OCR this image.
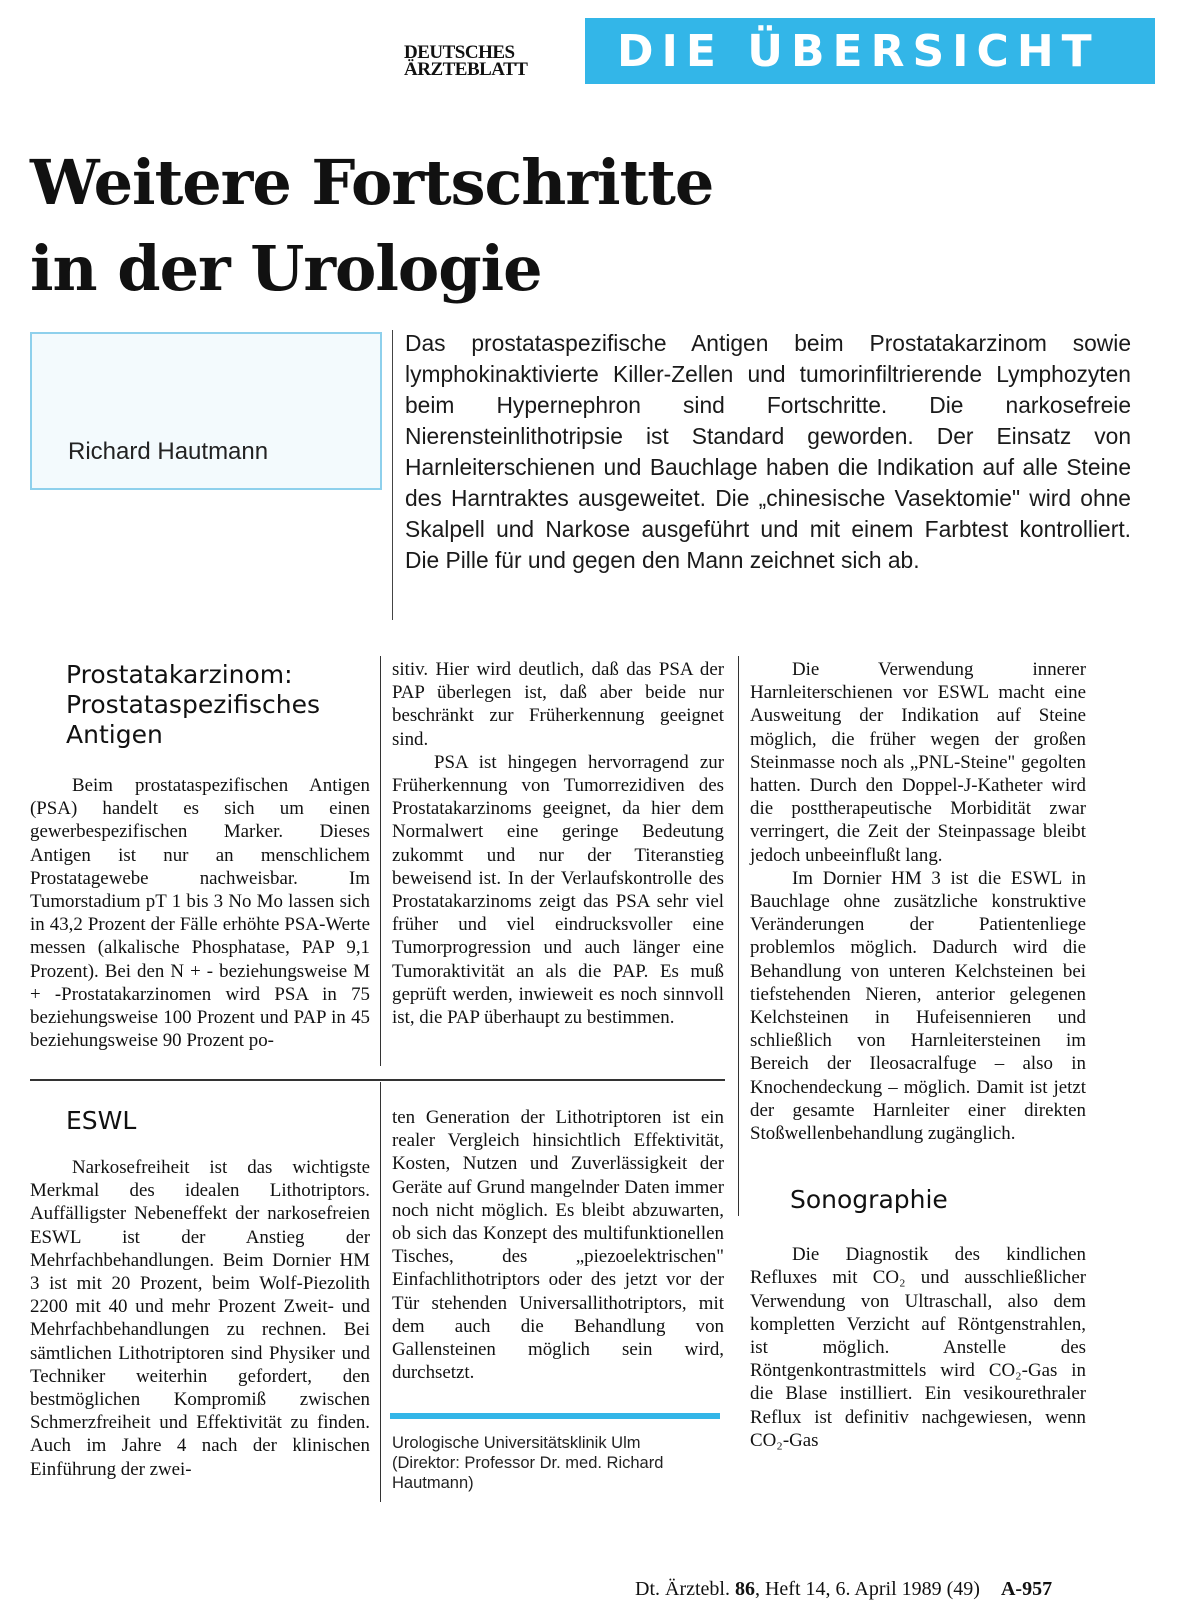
DEUTSCHES
ÄRZTEBLATT	DIE ÜBERSICHT
Weitere Fortschritte
in der Urologie
Richard Hautmann
Das prostataspezifische Antigen beim Prostatakarzinom sowie lymphokinaktivierte Killer-Zellen und tumorinfiltrierende Lymphozyten beim Hypernephron sind Fortschritte. Die narkosefreie Nierensteinlithotripsie ist Standard geworden. Der Einsatz von Harnleiterschienen und Bauchlage haben die Indikation auf alle Steine des Harntraktes ausgeweitet. Die „chinesische Vasektomie" wird ohne Skalpell und Narkose ausgeführt und mit einem Farbtest kontrolliert. Die Pille für und gegen den Mann zeichnet sich ab.
Prostatakarzinom: Prostataspezifisches Antigen

Beim prostataspezifischen Antigen (PSA) handelt es sich um einen gewerbespezifischen Marker. Dieses Antigen ist nur an menschlichem Prostatagewebe nachweisbar. Im Tumorstadium pT 1 bis 3 No Mo lassen sich in 43,2 Prozent der Fälle erhöhte PSA-Werte messen (alkalische Phosphatase, PAP 9,1 Prozent). Bei den N + - beziehungsweise M + -Prostatakarzinomen wird PSA in 75 beziehungsweise 100 Prozent und PAP in 45 beziehungsweise 90 Prozent po-

sitiv. Hier wird deutlich, daß das PSA der PAP überlegen ist, daß aber beide nur beschränkt zur Früherkennung geeignet sind.

PSA ist hingegen hervorragend zur Früherkennung von Tumorrezidiven des Prostatakarzinoms geeignet, da hier dem Normalwert eine geringe Bedeutung zukommt und nur der Titeranstieg beweisend ist. In der Verlaufskontrolle des Prostatakarzinoms zeigt das PSA sehr viel früher und viel eindrucksvoller eine Tumorprogression und auch länger eine Tumoraktivität an als die PAP. Es muß geprüft werden, inwieweit es noch sinnvoll ist, die PAP überhaupt zu bestimmen.

ESWL

Narkosefreiheit ist das wichtigste Merkmal des idealen Lithotriptors. Auffälligster Nebeneffekt der narkosefreien ESWL ist der Anstieg der Mehrfachbehandlungen. Beim Dornier HM 3 ist mit 20 Prozent, beim Wolf-Piezolith 2200 mit 40 und mehr Prozent Zweit- und Mehrfachbehandlungen zu rechnen. Bei sämtlichen Lithotriptoren sind Physiker und Techniker weiterhin gefordert, den bestmöglichen Kompromiß zwischen Schmerzfreiheit und Effektivität zu finden. Auch im Jahre 4 nach der klinischen Einführung der zwei-

ten Generation der Lithotriptoren ist ein realer Vergleich hinsichtlich Effektivität, Kosten, Nutzen und Zuverlässigkeit der Geräte auf Grund mangelnder Daten immer noch nicht möglich. Es bleibt abzuwarten, ob sich das Konzept des multifunktionellen Tisches, des „piezoelektrischen" Einfachlithotriptors oder des jetzt vor der Tür stehenden Universallithotriptors, mit dem auch die Behandlung von Gallensteinen möglich sein wird, durchsetzt.

Urologische Universitätsklinik Ulm
(Direktor: Professor Dr. med. Richard
Hautmann)

Die Verwendung innerer Harnleiterschienen vor ESWL macht eine Ausweitung der Indikation auf Steine möglich, die früher wegen der großen Steinmasse noch als „PNL-Steine" gegolten hatten. Durch den Doppel-J-Katheter wird die posttherapeutische Morbidität zwar verringert, die Zeit der Steinpassage bleibt jedoch unbeeinflußt lang.

Im Dornier HM 3 ist die ESWL in Bauchlage ohne zusätzliche konstruktive Veränderungen der Patientenliege problemlos möglich. Dadurch wird die Behandlung von unteren Kelchsteinen bei tiefstehenden Nieren, anterior gelegenen Kelchsteinen in Hufeisennieren und schließlich von Harnleitersteinen im Bereich der Ileosacralfuge – also in Knochendeckung – möglich. Damit ist jetzt der gesamte Harnleiter einer direkten Stoßwellenbehandlung zugänglich.

Sonographie

Die Diagnostik des kindlichen Refluxes mit CO₂ und ausschließlicher Verwendung von Ultraschall, also dem kompletten Verzicht auf Röntgenstrahlen, ist möglich. Anstelle des Röntgenkontrastmittels wird CO₂-Gas in die Blase instilliert. Ein vesikourethraler Reflux ist definitiv nachgewiesen, wenn CO₂-Gas

Dt. Ärztebl. 86, Heft 14, 6. April 1989 (49) A-957
